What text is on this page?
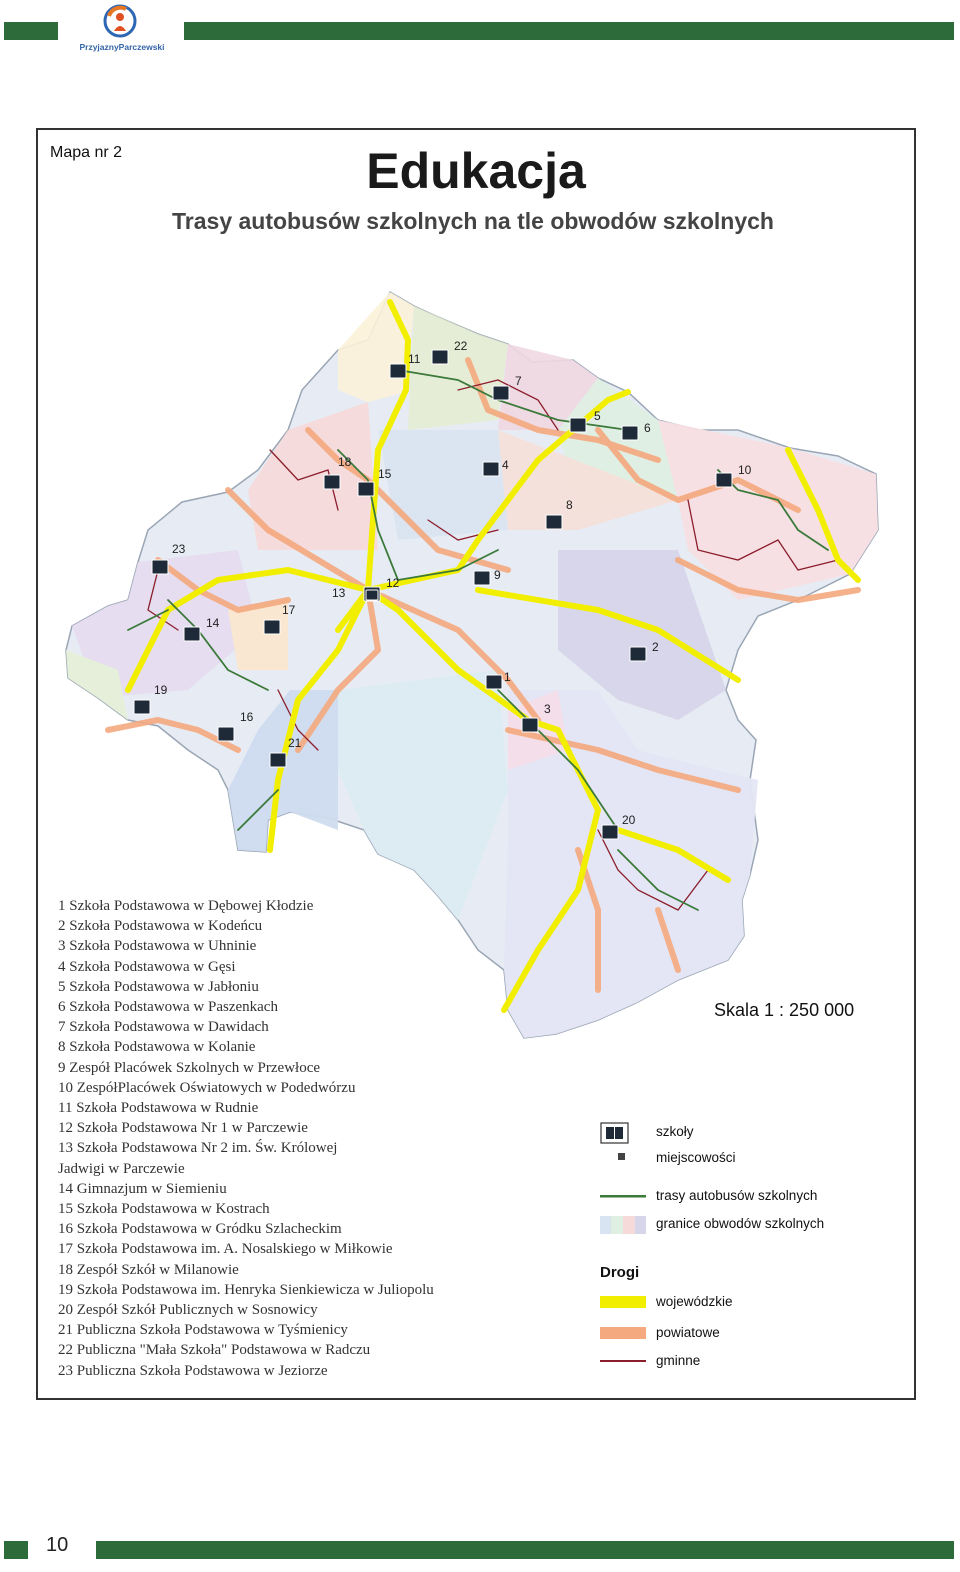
PrzyjaznyParczewski
1
2
3
4
5
6
7
8
9
10
11
12
13
14
15
16
17
18
19
20
21
22
23
Mapa nr 2	Edukacja
Trasy autobusów szkolnych na tle obwodów szkolnych
Skala 1 : 250 000
1 Szkoła Podstawowa w Dębowej Kłodzie
2 Szkoła Podstawowa w Kodeńcu
3 Szkoła Podstawowa w Uhninie
4 Szkoła Podstawowa w Gęsi
5 Szkoła Podstawowa w Jabłoniu
6 Szkoła Podstawowa w Paszenkach
7 Szkoła Podstawowa w Dawidach
8 Szkoła Podstawowa w Kolanie
9 Zespół Placówek Szkolnych w Przewłoce
10 ZespółPlacówek Oświatowych w Podedwórzu
11 Szkoła Podstawowa w Rudnie
12 Szkoła Podstawowa Nr 1 w Parczewie
13 Szkoła Podstawowa Nr 2 im. Św. Królowej
Jadwigi w Parczewie
14 Gimnazjum w Siemieniu
15 Szkoła Podstawowa w Kostrach
16 Szkoła Podstawowa w Gródku Szlacheckim
17 Szkoła Podstawowa im. A. Nosalskiego w Miłkowie
18 Zespół Szkół w Milanowie
19 Szkoła Podstawowa im. Henryka Sienkiewicza w Juliopolu
20 Zespół Szkół Publicznych w Sosnowicy
21 Publiczna Szkoła Podstawowa w Tyśmienicy
22 Publiczna "Mała Szkoła" Podstawowa w Radczu
23 Publiczna Szkoła Podstawowa w Jeziorze
szkoły
miejscowości
trasy autobusów szkolnych
granice obwodów szkolnych
Drogi
wojewódzkie
powiatowe
gminne
10
